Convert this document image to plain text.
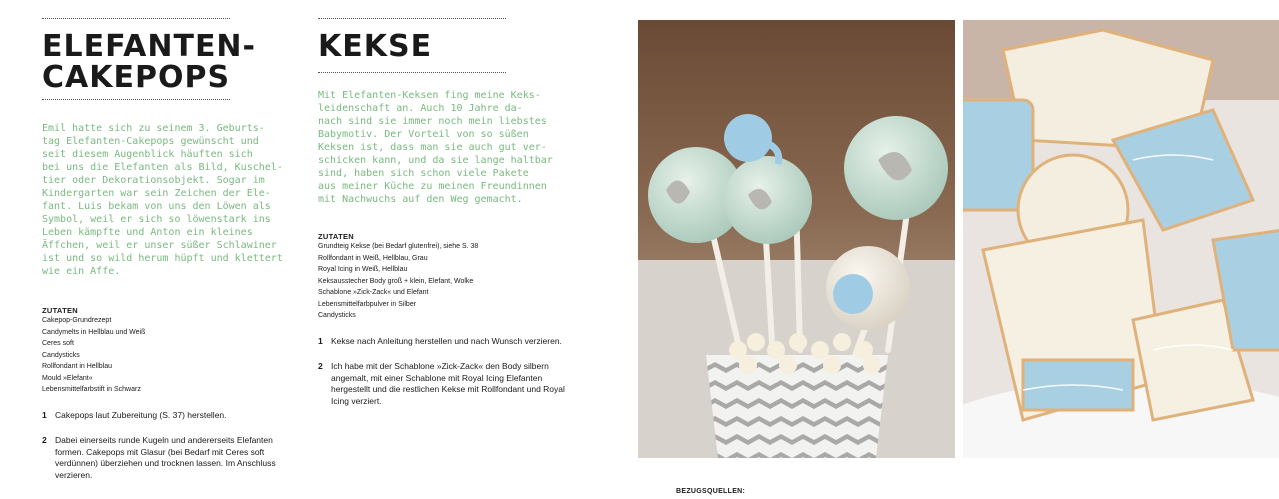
ELEFANTEN-
CAKEPOPS
Emil hatte sich zu seinem 3. Geburts-
tag Elefanten-Cakepops gewünscht und
seit diesem Augenblick häuften sich
bei uns die Elefanten als Bild, Kuschel-
tier oder Dekorationsobjekt. Sogar im
Kindergarten war sein Zeichen der Ele-
fant. Luis bekam von uns den Löwen als
Symbol, weil er sich so löwenstark ins
Leben kämpfte und Anton ein kleines
Äffchen, weil er unser süßer Schlawiner
ist und so wild herum hüpft und klettert
wie ein Affe.
ZUTATEN
Cakepop-Grundrezept
Candymelts in Hellblau und Weiß
Ceres soft
Candysticks
Rollfondant in Hellblau
Mould »Elefant«
Lebensmittelfarbstift in Schwarz
1 Cakepops laut Zubereitung (S. 37) herstellen.
2 Dabei einerseits runde Kugeln und andererseits Elefanten formen. Cakepops mit Glasur (bei Bedarf mit Ceres soft verdünnen) überziehen und trocknen lassen. Im Anschluss verzieren.
KEKSE
Mit Elefanten-Keksen fing meine Keks-
leidenschaft an. Auch 10 Jahre da-
nach sind sie immer noch mein liebstes
Babymotiv. Der Vorteil von so süßen
Keksen ist, dass man sie auch gut ver-
schicken kann, und da sie lange haltbar
sind, haben sich schon viele Pakete
aus meiner Küche zu meinen Freundinnen
mit Nachwuchs auf den Weg gemacht.
ZUTATEN
Grundteig Kekse (bei Bedarf glutenfrei), siehe S. 38
Rollfondant in Weiß, Hellblau, Grau
Royal Icing in Weiß, Hellblau
Keksausstecher Body groß + klein, Elefant, Wolke
Schablone »Zick-Zack« und Elefant
Lebensmittelfarbpulver in Silber
Candysticks
1 Kekse nach Anleitung herstellen und nach Wunsch verzieren.
2 Ich habe mit der Schablone »Zick-Zack« den Body silbern angemalt, mit einer Schablone mit Royal Icing Elefanten hergestellt und die restlichen Kekse mit Rollfondant und Royal Icing verziert.
BEZUGSQUELLEN:
